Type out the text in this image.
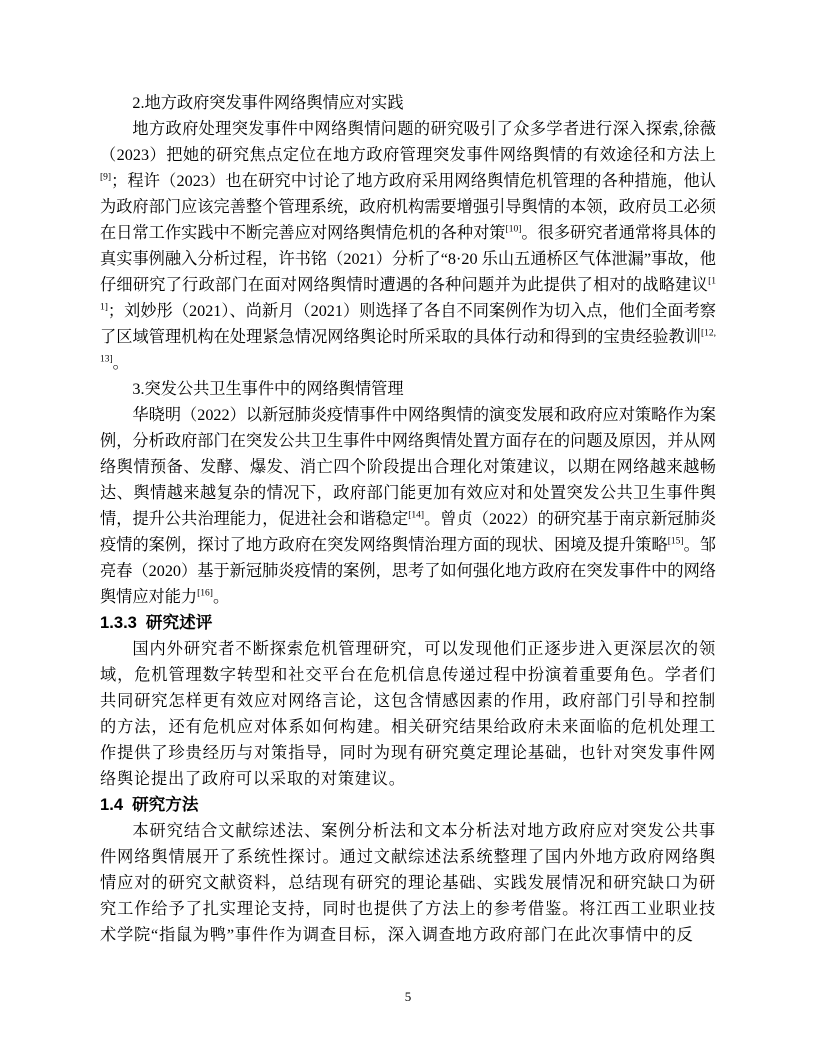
2.地方政府突发事件网络舆情应对实践

地方政府处理突发事件中网络舆情问题的研究吸引了众多学者进行深入探索,徐薇（2023）把她的研究焦点定位在地方政府管理突发事件网络舆情的有效途径和方法上[9]；程许（2023）也在研究中讨论了地方政府采用网络舆情危机管理的各种措施，他认为政府部门应该完善整个管理系统，政府机构需要增强引导舆情的本领，政府员工必须在日常工作实践中不断完善应对网络舆情危机的各种对策[10]。很多研究者通常将具体的真实事例融入分析过程，许书铭（2021）分析了“8·20 乐山五通桥区气体泄漏”事故，他仔细研究了行政部门在面对网络舆情时遭遇的各种问题并为此提供了相对的战略建议[11]；刘妙彤（2021）、尚新月（2021）则选择了各自不同案例作为切入点，他们全面考察了区域管理机构在处理紧急情况网络舆论时所采取的具体行动和得到的宝贵经验教训[12, 13]。

3.突发公共卫生事件中的网络舆情管理

华晓明（2022）以新冠肺炎疫情事件中网络舆情的演变发展和政府应对策略作为案例，分析政府部门在突发公共卫生事件中网络舆情处置方面存在的问题及原因，并从网络舆情预备、发酵、爆发、消亡四个阶段提出合理化对策建议，以期在网络越来越畅达、舆情越来越复杂的情况下，政府部门能更加有效应对和处置突发公共卫生事件舆情，提升公共治理能力，促进社会和谐稳定[14]。曾贞（2022）的研究基于南京新冠肺炎疫情的案例，探讨了地方政府在突发网络舆情治理方面的现状、困境及提升策略[15]。邹亮春（2020）基于新冠肺炎疫情的案例，思考了如何强化地方政府在突发事件中的网络舆情应对能力[16]。

1.3.3 研究述评

国内外研究者不断探索危机管理研究，可以发现他们正逐步进入更深层次的领域，危机管理数字转型和社交平台在危机信息传递过程中扮演着重要角色。学者们共同研究怎样更有效应对网络言论，这包含情感因素的作用，政府部门引导和控制的方法，还有危机应对体系如何构建。相关研究结果给政府未来面临的危机处理工作提供了珍贵经历与对策指导，同时为现有研究奠定理论基础，也针对突发事件网络舆论提出了政府可以采取的对策建议。

1.4 研究方法

本研究结合文献综述法、案例分析法和文本分析法对地方政府应对突发公共事件网络舆情展开了系统性探讨。通过文献综述法系统整理了国内外地方政府网络舆情应对的研究文献资料，总结现有研究的理论基础、实践发展情况和研究缺口为研究工作给予了扎实理论支持，同时也提供了方法上的参考借鉴。将江西工业职业技术学院“指鼠为鸭”事件作为调查目标，深入调查地方政府部门在此次事情中的反

5
